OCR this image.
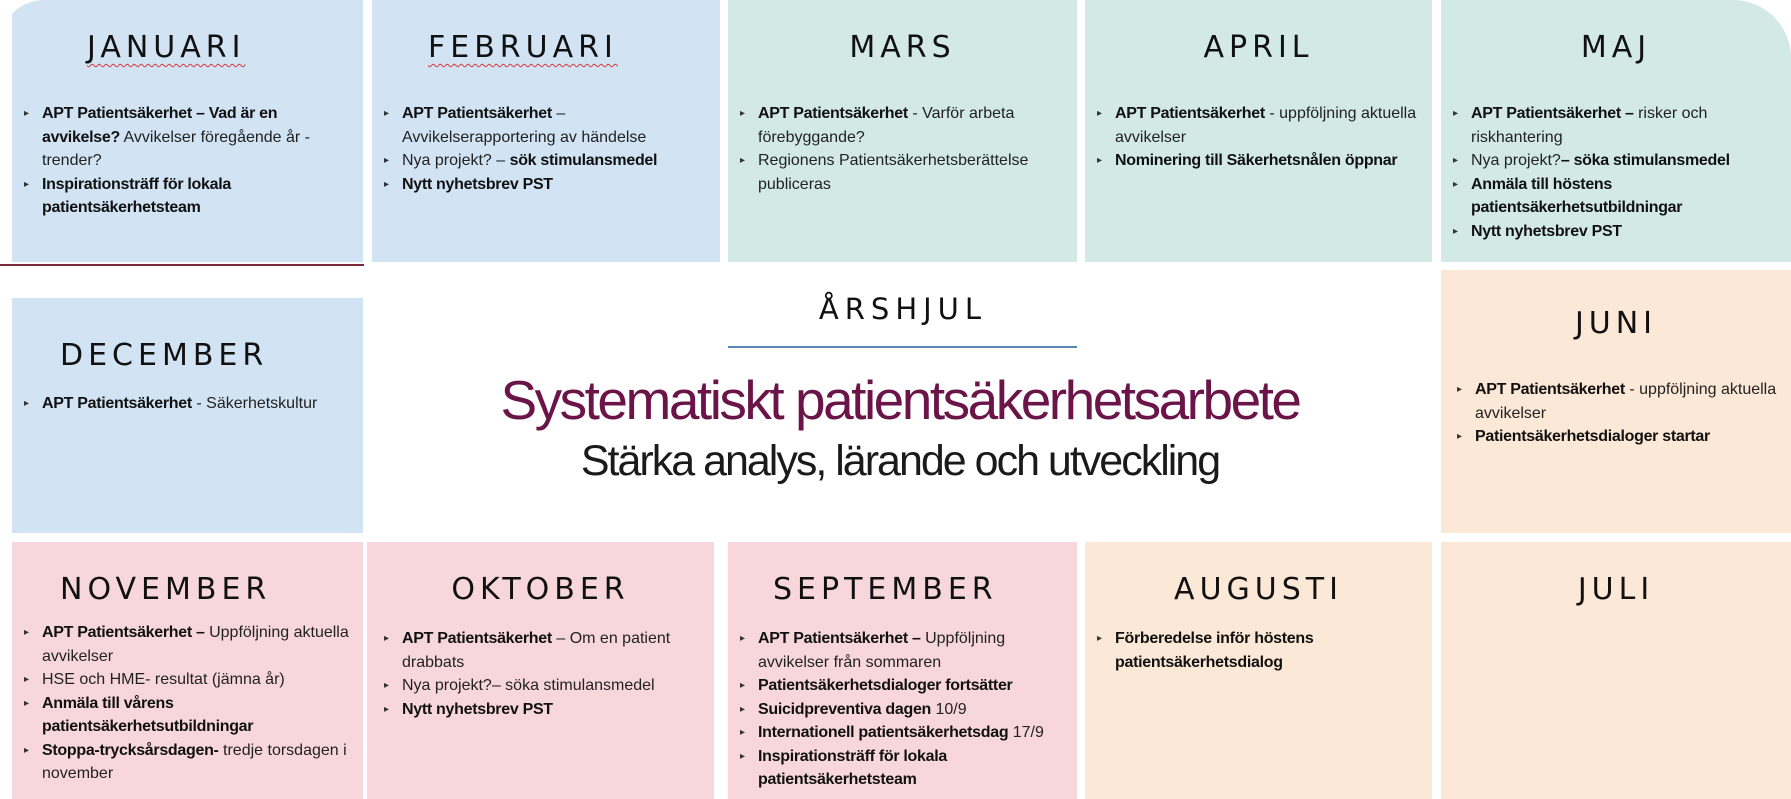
JANUARI
▸ APT Patientsäkerhet – Vad är en avvikelse? Avvikelser föregående år - trender?
▸ Inspirationsträff för lokala patientsäkerhetsteam
FEBRUARI
▸ APT Patientsäkerhet – Avvikelserapportering av händelse
▸ Nya projekt? – sök stimulansmedel
▸ Nytt nyhetsbrev PST
MARS
▸ APT Patientsäkerhet - Varför arbeta förebyggande?
▸ Regionens Patientsäkerhetsberättelse publiceras
APRIL
▸ APT Patientsäkerhet - uppföljning aktuella avvikelser
▸ Nominering till Säkerhetsnålen öppnar
MAJ
▸ APT Patientsäkerhet – risker och riskhantering
▸ Nya projekt?– söka stimulansmedel
▸ Anmäla till höstens patientsäkerhetsutbildningar
▸ Nytt nyhetsbrev PST
DECEMBER
▸ APT Patientsäkerhet - Säkerhetskultur
ÅRSHJUL
Systematiskt patientsäkerhetsarbete
Stärka analys, lärande och utveckling
JUNI
▸ APT Patientsäkerhet - uppföljning aktuella avvikelser
▸ Patientsäkerhetsdialoger startar
NOVEMBER
▸ APT Patientsäkerhet – Uppföljning aktuella avvikelser
▸ HSE och HME- resultat (jämna år)
▸ Anmäla till vårens patientsäkerhetsutbildningar
▸ Stoppa-trycksårsdagen- tredje torsdagen i november
OKTOBER
▸ APT Patientsäkerhet – Om en patient drabbats
▸ Nya projekt?– söka stimulansmedel
▸ Nytt nyhetsbrev PST
SEPTEMBER
▸ APT Patientsäkerhet – Uppföljning avvikelser från sommaren
▸ Patientsäkerhetsdialoger fortsätter
▸ Suicidpreventiva dagen 10/9
▸ Internationell patientsäkerhetsdag 17/9
▸ Inspirationsträff för lokala patientsäkerhetsteam
AUGUSTI
▸ Förberedelse inför höstens patientsäkerhetsdialog
JULI
